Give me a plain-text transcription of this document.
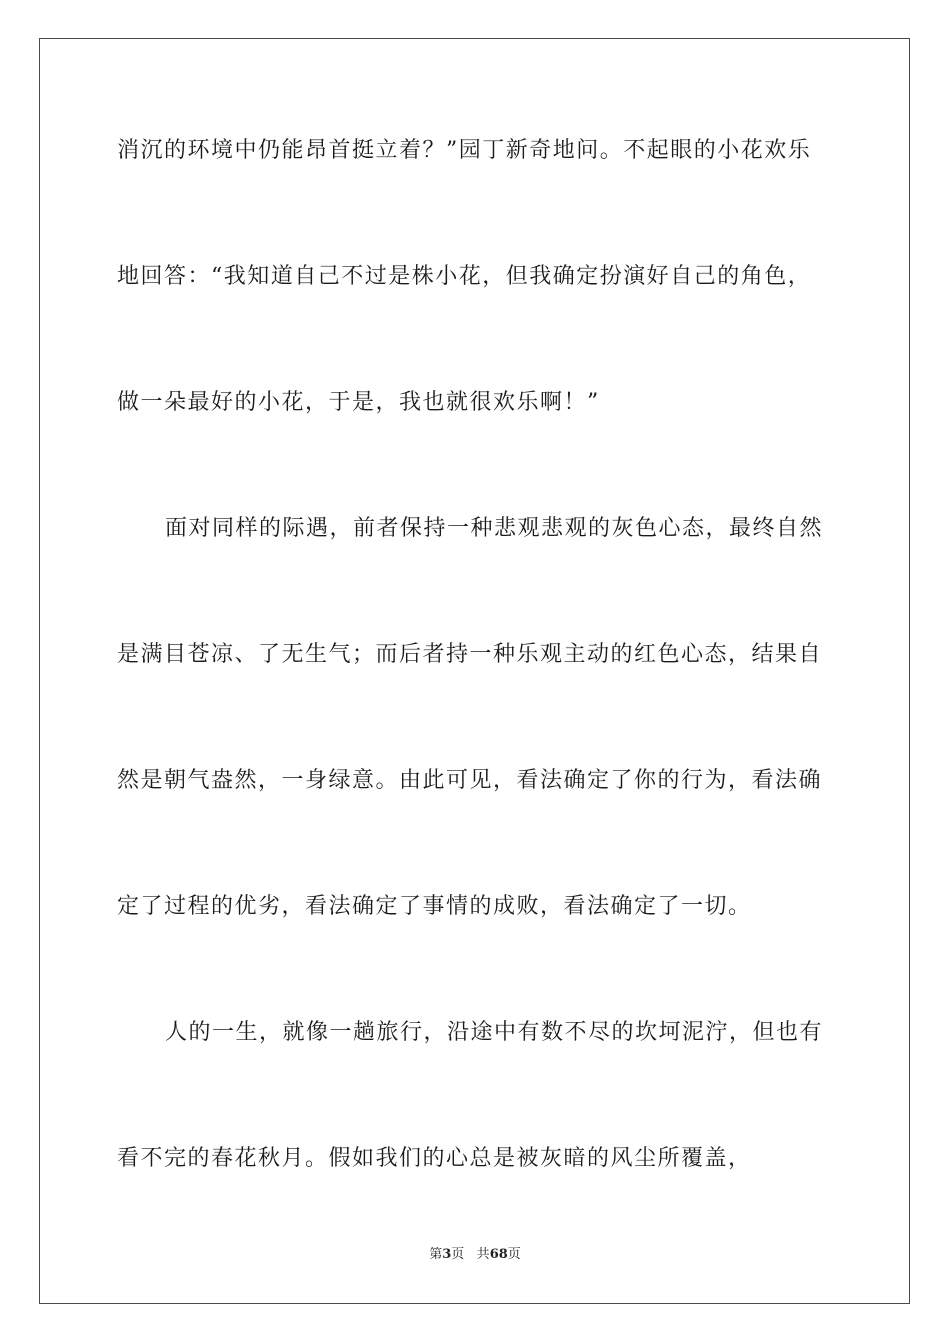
消沉的环境中仍能昂首挺立着？”园丁新奇地问。不起眼的小花欢乐
地回答：“我知道自己不过是株小花，但我确定扮演好自己的角色，
做一朵最好的小花，于是，我也就很欢乐啊！”
面对同样的际遇，前者保持一种悲观悲观的灰色心态，最终自然
是满目苍凉、了无生气；而后者持一种乐观主动的红色心态，结果自
然是朝气盎然，一身绿意。由此可见，看法确定了你的行为，看法确
定了过程的优劣，看法确定了事情的成败，看法确定了一切。
人的一生，就像一趟旅行，沿途中有数不尽的坎坷泥泞，但也有
看不完的春花秋月。假如我们的心总是被灰暗的风尘所覆盖，
第3页 共68页
